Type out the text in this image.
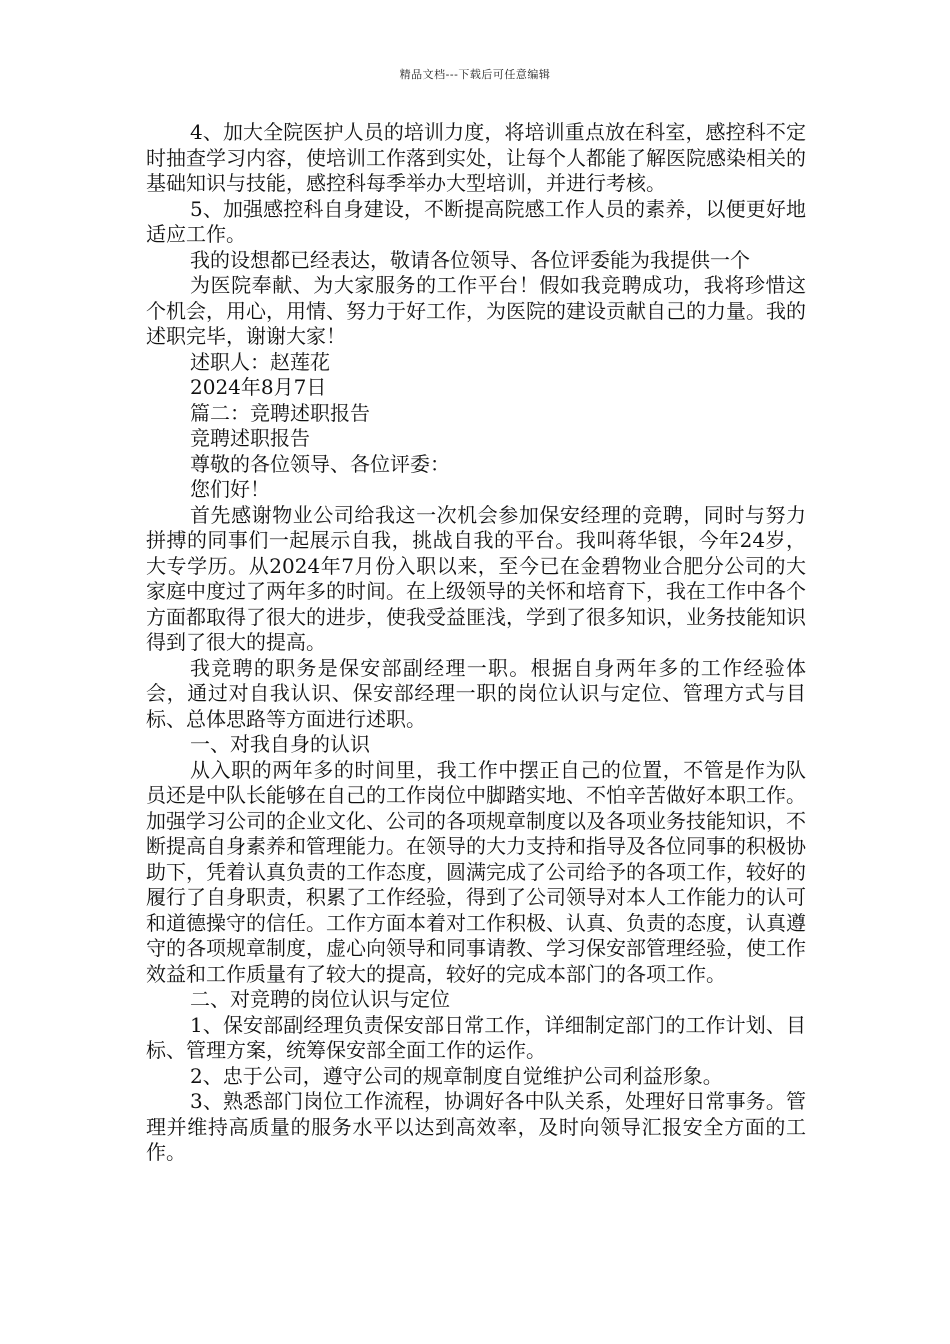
精品文档---下载后可任意编辑

4、加大全院医护人员的培训力度，将培训重点放在科室，感控科不定时抽查学习内容，使培训工作落到实处，让每个人都能了解医院感染相关的基础知识与技能，感控科每季举办大型培训，并进行考核。

5、加强感控科自身建设，不断提高院感工作人员的素养，以便更好地适应工作。

我的设想都已经表达，敬请各位领导、各位评委能为我提供一个

为医院奉献、为大家服务的工作平台！假如我竞聘成功，我将珍惜这个机会，用心，用情、努力于好工作，为医院的建设贡献自己的力量。我的述职完毕，谢谢大家！

述职人：赵莲花

2024年8月7日

篇二：竞聘述职报告

竞聘述职报告

尊敬的各位领导、各位评委：

您们好！

首先感谢物业公司给我这一次机会参加保安经理的竞聘，同时与努力拼搏的同事们一起展示自我，挑战自我的平台。我叫蒋华银，今年24岁，大专学历。从2024年7月份入职以来，至今已在金碧物业合肥分公司的大家庭中度过了两年多的时间。在上级领导的关怀和培育下，我在工作中各个方面都取得了很大的进步，使我受益匪浅，学到了很多知识，业务技能知识得到了很大的提高。

我竞聘的职务是保安部副经理一职。根据自身两年多的工作经验体会，通过对自我认识、保安部经理一职的岗位认识与定位、管理方式与目标、总体思路等方面进行述职。

一、对我自身的认识

从入职的两年多的时间里，我工作中摆正自己的位置，不管是作为队员还是中队长能够在自己的工作岗位中脚踏实地、不怕辛苦做好本职工作。加强学习公司的企业文化、公司的各项规章制度以及各项业务技能知识，不断提高自身素养和管理能力。在领导的大力支持和指导及各位同事的积极协助下，凭着认真负责的工作态度，圆满完成了公司给予的各项工作，较好的履行了自身职责，积累了工作经验，得到了公司领导对本人工作能力的认可和道德操守的信任。工作方面本着对工作积极、认真、负责的态度，认真遵守的各项规章制度，虚心向领导和同事请教、学习保安部管理经验，使工作效益和工作质量有了较大的提高，较好的完成本部门的各项工作。

二、对竞聘的岗位认识与定位

1、保安部副经理负责保安部日常工作，详细制定部门的工作计划、目标、管理方案，统筹保安部全面工作的运作。

2、忠于公司，遵守公司的规章制度自觉维护公司利益形象。

3、熟悉部门岗位工作流程，协调好各中队关系，处理好日常事务。管理并维持高质量的服务水平以达到高效率，及时向领导汇报安全方面的工作。
